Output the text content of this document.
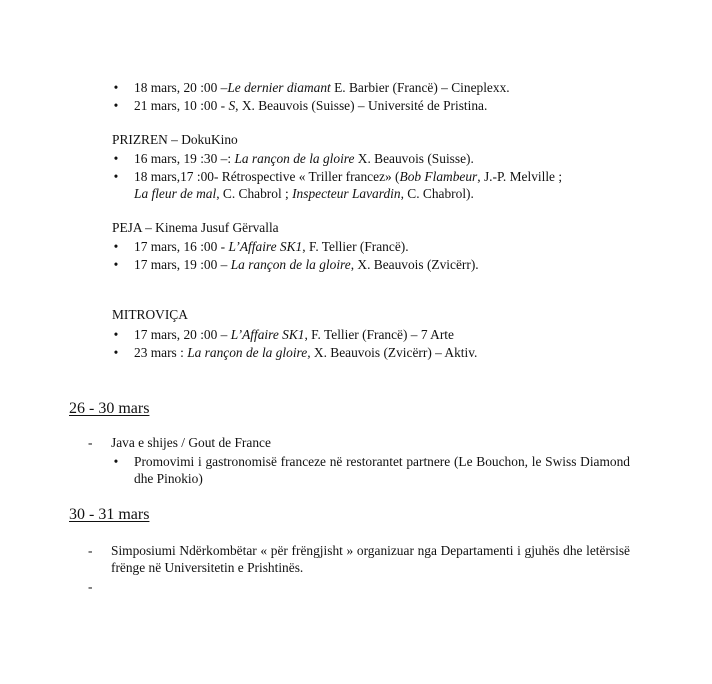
•	18 mars, 20 :00 –Le dernier diamant E. Barbier (Francë) – Cineplexx.
•	21 mars, 10 :00 - S, X. Beauvois (Suisse) – Université de Pristina.
PRIZREN – DokuKino
•	16 mars, 19 :30 –: La rançon de la gloire X. Beauvois (Suisse).
•	18 mars,17 :00- Rétrospective « Triller francez» (Bob Flambeur, J.-P. Melville ;
La fleur de mal, C. Chabrol ; Inspecteur Lavardin, C. Chabrol).
PEJA – Kinema Jusuf Gërvalla
•	17 mars, 16 :00 - L’Affaire SK1, F. Tellier (Francë).
•	17 mars, 19 :00 – La rançon de la gloire, X. Beauvois (Zvicërr).
MITROVIÇA
•	17 mars, 20 :00 – L’Affaire SK1, F. Tellier (Francë) – 7 Arte
•	23 mars : La rançon de la gloire, X. Beauvois (Zvicërr) – Aktiv.
26 - 30 mars
- Java e shijes / Gout de France
•	Promovimi i gastronomisë franceze në restorantet partnere (Le Bouchon, le Swiss Diamond dhe Pinokio)
30 - 31 mars
- Simposiumi Ndërkombëtar « për frëngjisht » organizuar nga Departamenti i gjuhës dhe letërsisë frënge në Universitetin e Prishtinës.
-
